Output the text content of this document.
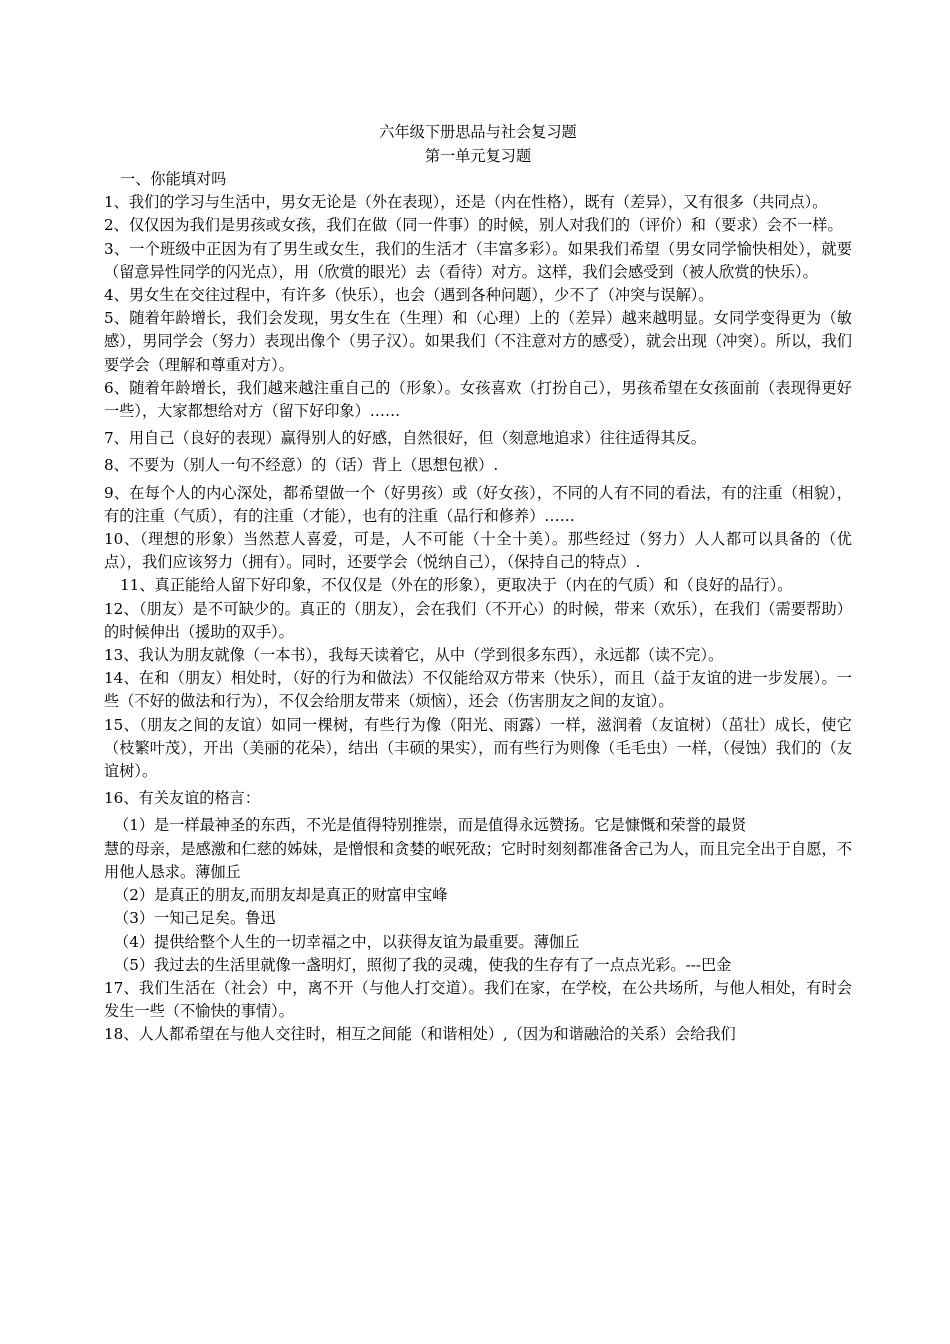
六年级下册思品与社会复习题
第一单元复习题

一、你能填对吗

1、我们的学习与生活中，男女无论是（外在表现），还是（内在性格），既有（差异），又有很多（共同点）。

2、仅仅因为我们是男孩或女孩，我们在做（同一件事）的时候，别人对我们的（评价）和（要求）会不一样。

3、一个班级中正因为有了男生或女生，我们的生活才（丰富多彩）。如果我们希望（男女同学愉快相处），就要（留意异性同学的闪光点），用（欣赏的眼光）去（看待）对方。这样，我们会感受到（被人欣赏的快乐）。

4、男女生在交往过程中，有许多（快乐），也会（遇到各种问题），少不了（冲突与误解）。

5、随着年龄增长，我们会发现，男女生在（生理）和（心理）上的（差异）越来越明显。女同学变得更为（敏感），男同学会（努力）表现出像个（男子汉）。如果我们（不注意对方的感受），就会出现（冲突）。所以，我们要学会（理解和尊重对方）。

6、随着年龄增长，我们越来越注重自己的（形象）。女孩喜欢（打扮自己），男孩希望在女孩面前（表现得更好一些），大家都想给对方（留下好印象）……

7、用自己（良好的表现）赢得别人的好感，自然很好，但（刻意地追求）往往适得其反。

8、不要为（别人一句不经意）的（话）背上（思想包袱）.

9、在每个人的内心深处，都希望做一个（好男孩）或（好女孩），不同的人有不同的看法，有的注重（相貌），有的注重（气质），有的注重（才能），也有的注重（品行和修养）……

10、（理想的形象）当然惹人喜爱，可是，人不可能（十全十美）。那些经过（努力）人人都可以具备的（优点），我们应该努力（拥有）。同时，还要学会（悦纳自己），（保持自己的特点）.

11、真正能给人留下好印象，不仅仅是（外在的形象），更取决于（内在的气质）和（良好的品行）。

12、（朋友）是不可缺少的。真正的（朋友），会在我们（不开心）的时候，带来（欢乐），在我们（需要帮助）的时候伸出（援助的双手）。

13、我认为朋友就像（一本书），我每天读着它，从中（学到很多东西），永远都（读不完）。

14、在和（朋友）相处时，（好的行为和做法）不仅能给双方带来（快乐），而且（益于友谊的进一步发展）。一些（不好的做法和行为），不仅会给朋友带来（烦恼），还会（伤害朋友之间的友谊）。

15、（朋友之间的友谊）如同一棵树，有些行为像（阳光、雨露）一样，滋润着（友谊树）（茁壮）成长，使它（枝繁叶茂），开出（美丽的花朵），结出（丰硕的果实），而有些行为则像（毛毛虫）一样，（侵蚀）我们的（友谊树）。

16、有关友谊的格言：

（1）是一样最神圣的东西，不光是值得特别推崇，而是值得永远赞扬。它是慷慨和荣誉的最贤

慧的母亲，是感激和仁慈的姊妹，是憎恨和贪婪的岷死敌；它时时刻刻都准备舍己为人，而且完全出于自愿，不用他人恳求。薄伽丘

（2）是真正的朋友,而朋友却是真正的财富申宝峰

（3）一知己足矣。鲁迅

（4）提供给整个人生的一切幸福之中，以获得友谊为最重要。薄伽丘

（5）我过去的生活里就像一盏明灯，照彻了我的灵魂，使我的生存有了一点点光彩。---巴金

17、我们生活在（社会）中，离不开（与他人打交道）。我们在家，在学校，在公共场所，与他人相处，有时会发生一些（不愉快的事情）。

18、人人都希望在与他人交往时，相互之间能（和谐相处）,（因为和谐融洽的关系）会给我们
